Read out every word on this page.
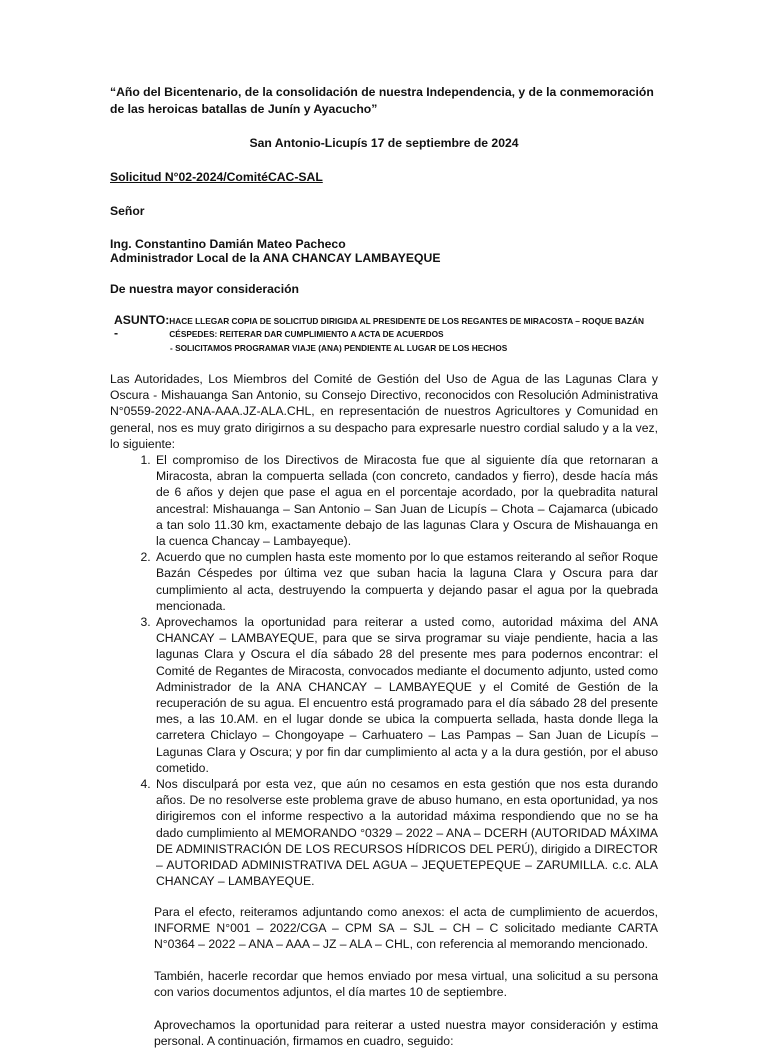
“Año del Bicentenario, de la consolidación de nuestra Independencia, y de la conmemoración de las heroicas batallas de Junín y Ayacucho”

San Antonio-Licupís 17 de septiembre de 2024
Solicitud N°02-2024/ComitéCAC-SAL
Señor
Ing. Constantino Damián Mateo Pacheco
Administrador Local de la ANA CHANCAY LAMBAYEQUE
De nuestra mayor consideración
ASUNTO: -
HACE LLEGAR COPIA DE SOLICITUD DIRIGIDA AL PRESIDENTE DE LOS REGANTES DE MIRACOSTA – ROQUE BAZÁN CÉSPEDES: REITERAR DAR CUMPLIMIENTO A ACTA DE ACUERDOS
- SOLICITAMOS PROGRAMAR VIAJE (ANA) PENDIENTE AL LUGAR DE LOS HECHOS
Las Autoridades, Los Miembros del Comité de Gestión del Uso de Agua de las Lagunas Clara y Oscura - Mishauanga San Antonio, su Consejo Directivo, reconocidos con Resolución Administrativa N°0559-2022-ANA-AAA.JZ-ALA.CHL, en representación de nuestros Agricultores y Comunidad en general, nos es muy grato dirigirnos a su despacho para expresarle nuestro cordial saludo y a la vez, lo siguiente:
1. El compromiso de los Directivos de Miracosta fue que al siguiente día que retornaran a Miracosta, abran la compuerta sellada (con concreto, candados y fierro), desde hacía más de 6 años y dejen que pase el agua en el porcentaje acordado, por la quebradita natural ancestral: Mishauanga – San Antonio – San Juan de Licupís – Chota – Cajamarca (ubicado a tan solo 11.30 km, exactamente debajo de las lagunas Clara y Oscura de Mishauanga en la cuenca Chancay – Lambayeque).
2. Acuerdo que no cumplen hasta este momento por lo que estamos reiterando al señor Roque Bazán Céspedes por última vez que suban hacia la laguna Clara y Oscura para dar cumplimiento al acta, destruyendo la compuerta y dejando pasar el agua por la quebrada mencionada.
3. Aprovechamos la oportunidad para reiterar a usted como, autoridad máxima del ANA CHANCAY – LAMBAYEQUE, para que se sirva programar su viaje pendiente, hacia a las lagunas Clara y Oscura el día sábado 28 del presente mes para podernos encontrar: el Comité de Regantes de Miracosta, convocados mediante el documento adjunto, usted como Administrador de la ANA CHANCAY – LAMBAYEQUE y el Comité de Gestión de la recuperación de su agua. El encuentro está programado para el día sábado 28 del presente mes, a las 10.AM. en el lugar donde se ubica la compuerta sellada, hasta donde llega la carretera Chiclayo – Chongoyape – Carhuatero – Las Pampas – San Juan de Licupís – Lagunas Clara y Oscura; y por fin dar cumplimiento al acta y a la dura gestión, por el abuso cometido.
4. Nos disculpará por esta vez, que aún no cesamos en esta gestión que nos esta durando años. De no resolverse este problema grave de abuso humano, en esta oportunidad, ya nos dirigiremos con el informe respectivo a la autoridad máxima respondiendo que no se ha dado cumplimiento al MEMORANDO °0329 – 2022 – ANA – DCERH (AUTORIDAD MÁXIMA DE ADMINISTRACIÓN DE LOS RECURSOS HÍDRICOS DEL PERÚ), dirigido a DIRECTOR – AUTORIDAD ADMINISTRATIVA DEL AGUA – JEQUETEPEQUE – ZARUMILLA. c.c. ALA CHANCAY – LAMBAYEQUE.
Para el efecto, reiteramos adjuntando como anexos: el acta de cumplimiento de acuerdos, INFORME N°001 – 2022/CGA – CPM SA – SJL – CH – C solicitado mediante CARTA N°0364 – 2022 – ANA – AAA – JZ – ALA – CHL, con referencia al memorando mencionado.
También, hacerle recordar que hemos enviado por mesa virtual, una solicitud a su persona con varios documentos adjuntos, el día martes 10 de septiembre.
Aprovechamos la oportunidad para reiterar a usted nuestra mayor consideración y estima personal. A continuación, firmamos en cuadro, seguido:
